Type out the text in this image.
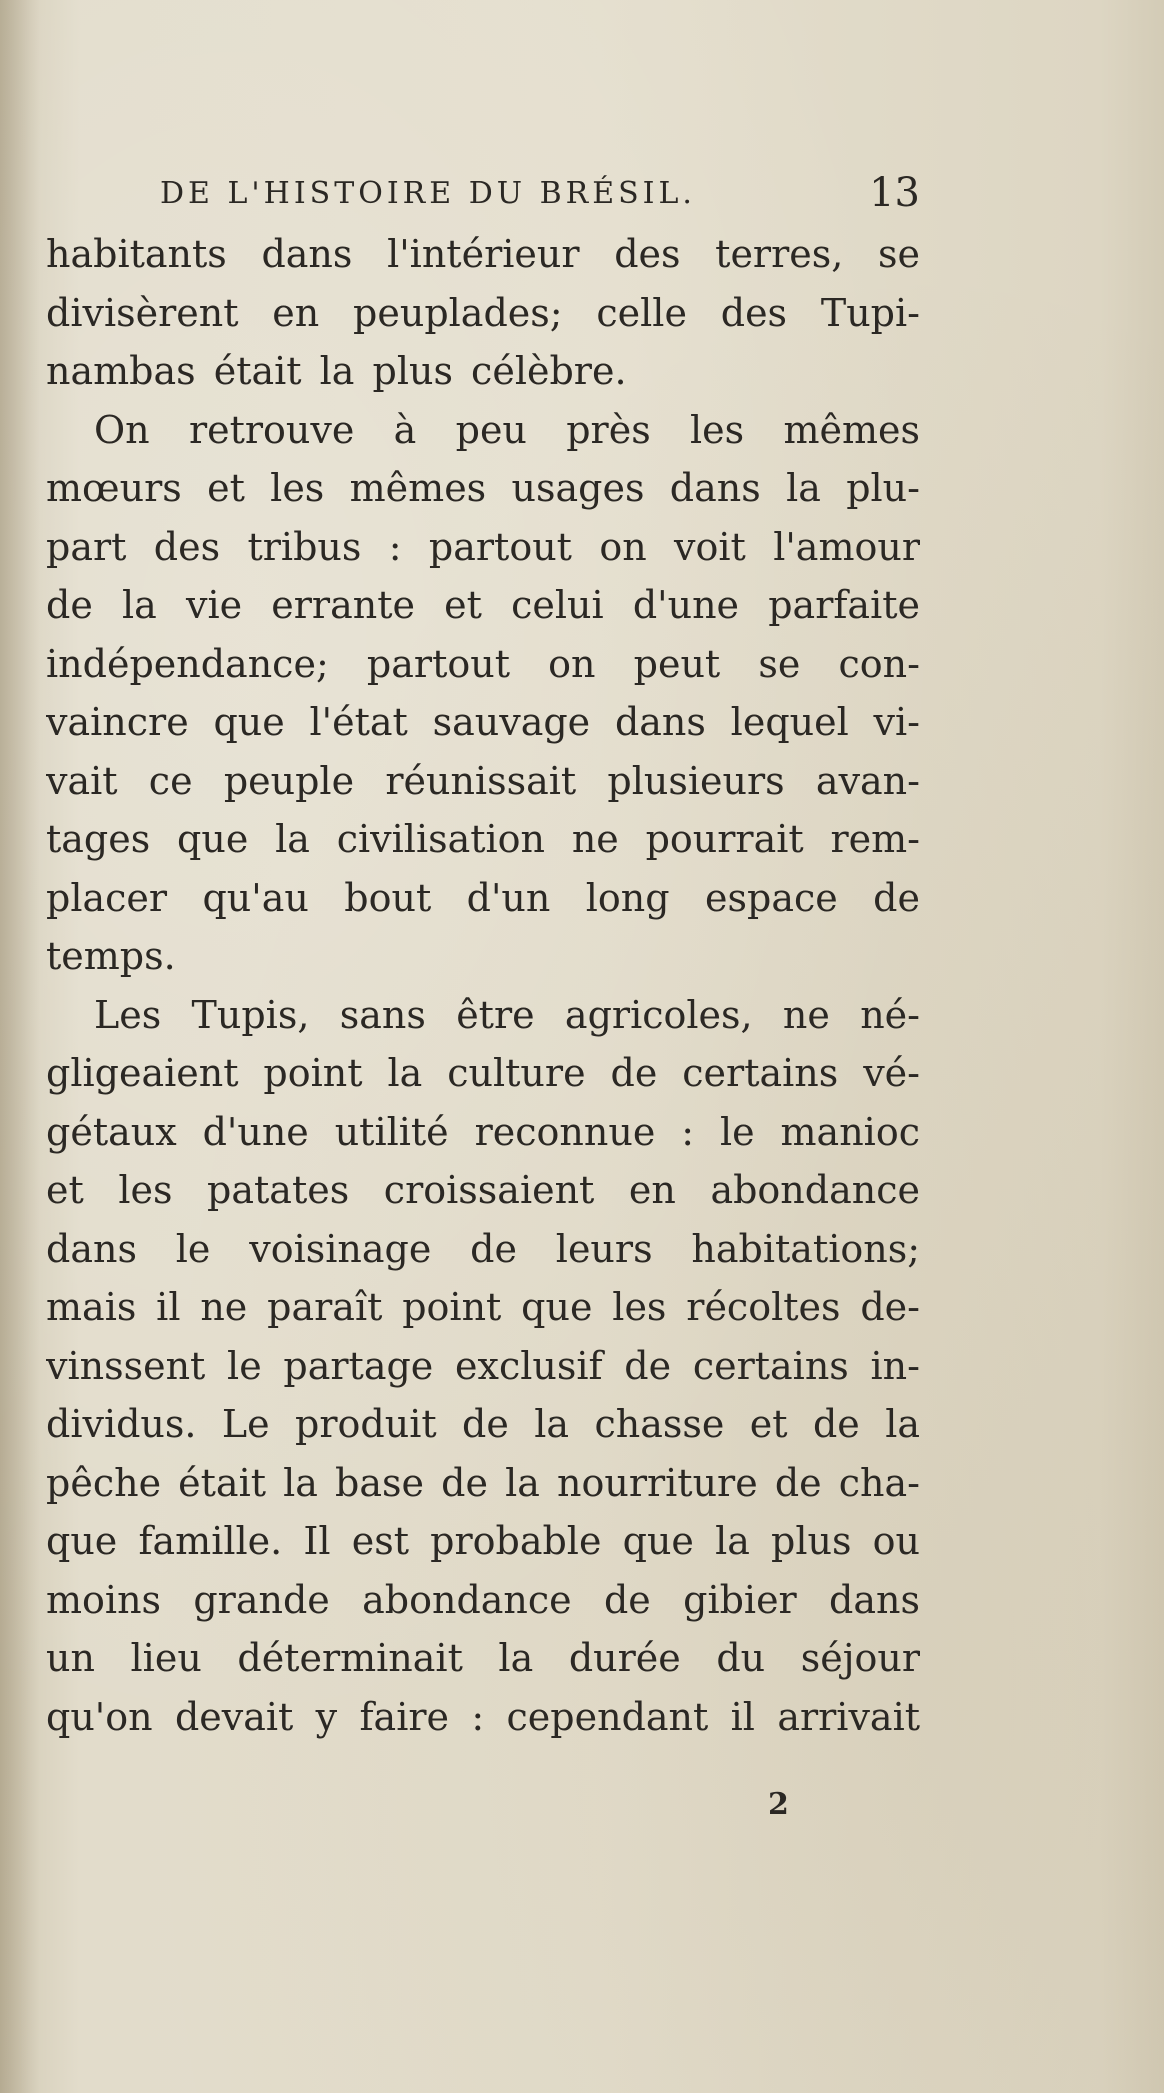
DE L'HISTOIRE DU BRÉSIL.	13
habitants dans l'intérieur des terres, se
divisèrent en peuplades; celle des Tupi-
nambas était la plus célèbre.
On retrouve à peu près les mêmes
mœurs et les mêmes usages dans la plu-
part des tribus : partout on voit l'amour
de la vie errante et celui d'une parfaite
indépendance; partout on peut se con-
vaincre que l'état sauvage dans lequel vi-
vait ce peuple réunissait plusieurs avan-
tages que la civilisation ne pourrait rem-
placer qu'au bout d'un long espace de
temps.
Les Tupis, sans être agricoles, ne né-
gligeaient point la culture de certains vé-
gétaux d'une utilité reconnue : le manioc
et les patates croissaient en abondance
dans le voisinage de leurs habitations;
mais il ne paraît point que les récoltes de-
vinssent le partage exclusif de certains in-
dividus. Le produit de la chasse et de la
pêche était la base de la nourriture de cha-
que famille. Il est probable que la plus ou
moins grande abondance de gibier dans
un lieu déterminait la durée du séjour
qu'on devait y faire : cependant il arrivait
2
